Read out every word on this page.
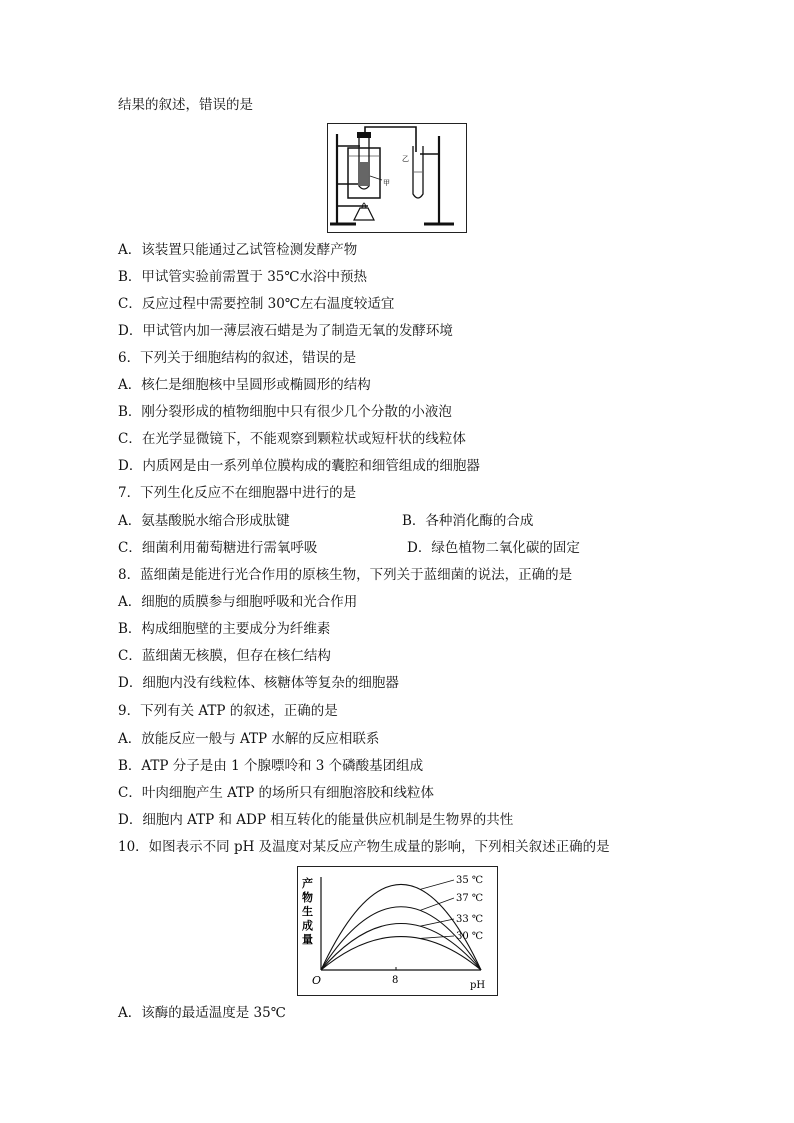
结果的叙述，错误的是
甲
乙
A．该装置只能通过乙试管检测发酵产物
B．甲试管实验前需置于 35℃水浴中预热
C．反应过程中需要控制 30℃左右温度较适宜
D．甲试管内加一薄层液石蜡是为了制造无氧的发酵环境
6．下列关于细胞结构的叙述，错误的是
A．核仁是细胞核中呈圆形或椭圆形的结构
B．刚分裂形成的植物细胞中只有很少几个分散的小液泡
C．在光学显微镜下，不能观察到颗粒状或短杆状的线粒体
D．内质网是由一系列单位膜构成的囊腔和细管组成的细胞器
7．下列生化反应不在细胞器中进行的是
A．氨基酸脱水缩合形成肽键	B．各种消化酶的合成
C．细菌利用葡萄糖进行需氧呼吸	D．绿色植物二氧化碳的固定
8．蓝细菌是能进行光合作用的原核生物，下列关于蓝细菌的说法，正确的是
A．细胞的质膜参与细胞呼吸和光合作用
B．构成细胞壁的主要成分为纤维素
C．蓝细菌无核膜，但存在核仁结构
D．细胞内没有线粒体、核糖体等复杂的细胞器
9．下列有关 ATP 的叙述，正确的是
A．放能反应一般与 ATP 水解的反应相联系
B．ATP 分子是由 1 个腺嘌呤和 3 个磷酸基团组成
C．叶肉细胞产生 ATP 的场所只有细胞溶胶和线粒体
D．细胞内 ATP 和 ADP 相互转化的能量供应机制是生物界的共性
10．如图表示不同 pH 及温度对某反应产物生成量的影响，下列相关叙述正确的是
产
物
生
成
量
O	8	pH
35 ℃
37 ℃
33 ℃
30 ℃
A．该酶的最适温度是 35℃
